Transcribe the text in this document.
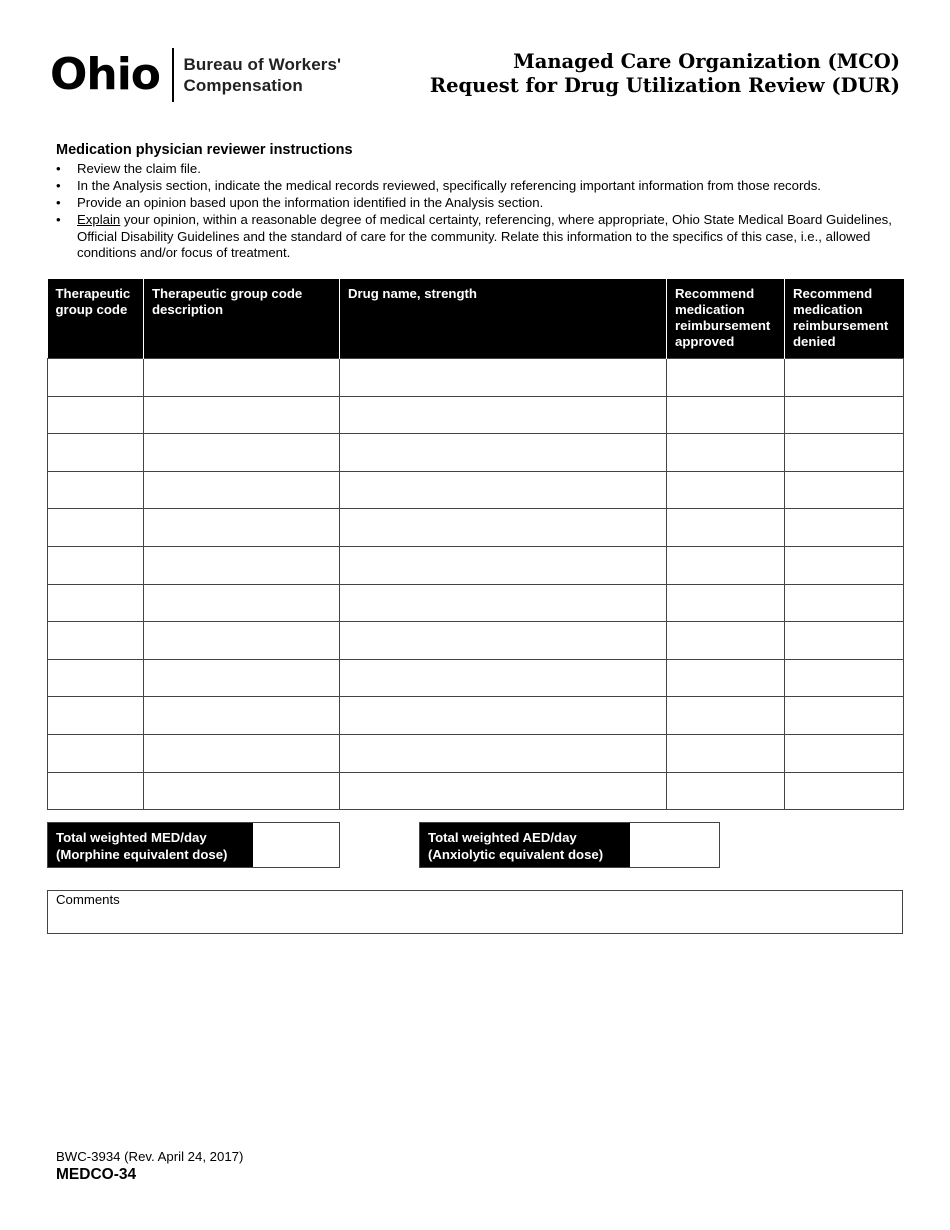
Ohio Bureau of Workers'
Compensation
Managed Care Organization (MCO)
Request for Drug Utilization Review (DUR)
Medication physician reviewer instructions
• Review the claim file.
• In the Analysis section, indicate the medical records reviewed, specifically referencing important information from those records.
• Provide an opinion based upon the information identified in the Analysis section.
• Explain your opinion, within a reasonable degree of medical certainty, referencing, where appropriate, Ohio State Medical Board Guidelines, Official Disability Guidelines and the standard of care for the community. Relate this information to the specifics of this case, i.e., allowed conditions and/or focus of treatment.
Therapeutic group code	Therapeutic group code description	Drug name, strength	Recommend medication reimbursement approved	Recommend medication reimbursement denied

Total weighted MED/day
(Morphine equivalent dose)
Total weighted AED/day
(Anxiolytic equivalent dose)
Comments
BWC-3934 (Rev. April 24, 2017)
MEDCO-34
